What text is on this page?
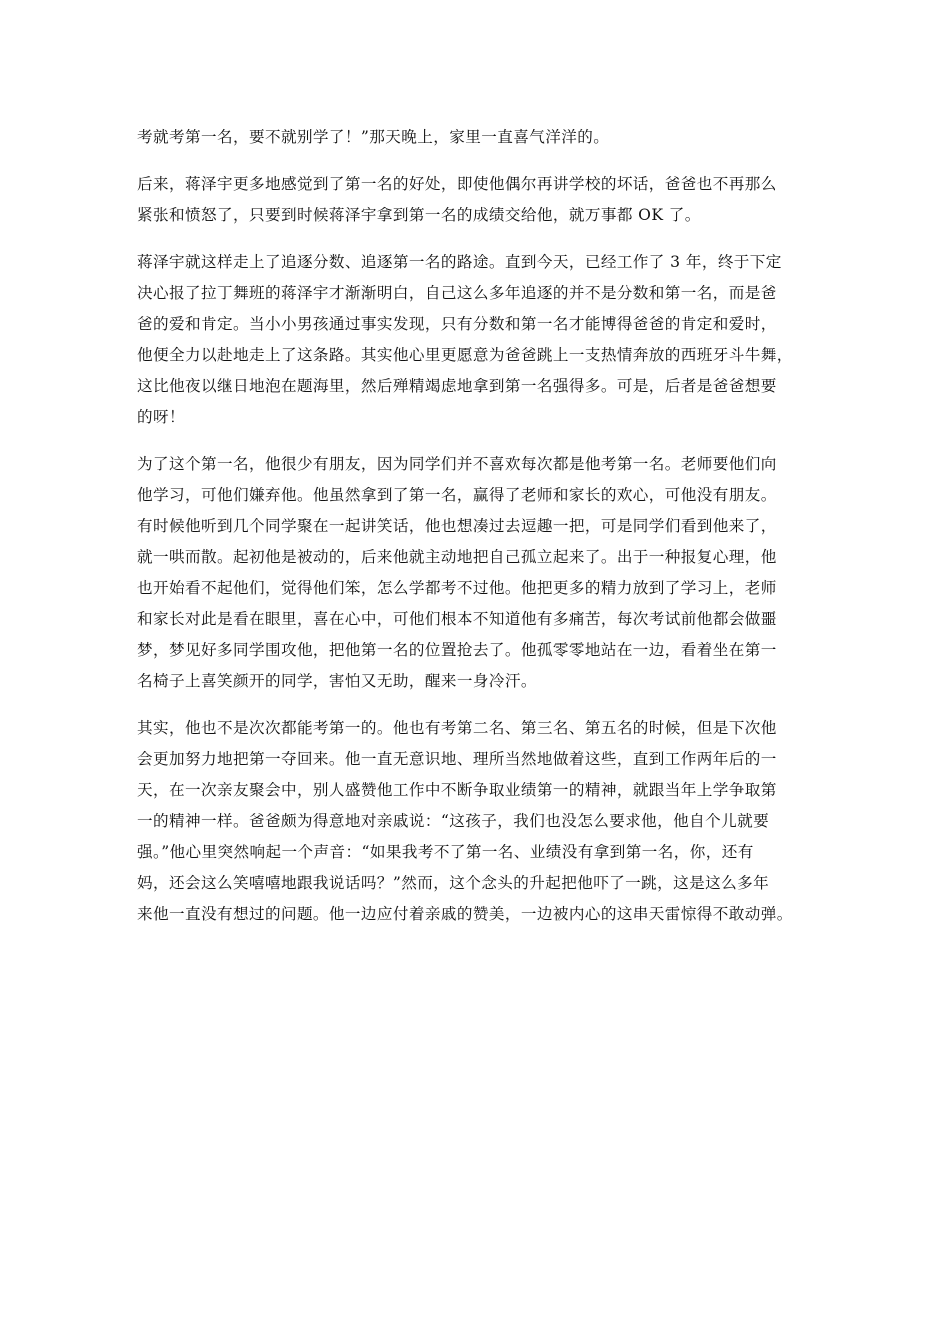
考就考第一名，要不就别学了！”那天晚上，家里一直喜气洋洋的。

后来，蒋泽宇更多地感觉到了第一名的好处，即使他偶尔再讲学校的坏话，爸爸也不再那么
紧张和愤怒了，只要到时候蒋泽宇拿到第一名的成绩交给他，就万事都 OK 了。

蒋泽宇就这样走上了追逐分数、追逐第一名的路途。直到今天，已经工作了 3 年，终于下定
决心报了拉丁舞班的蒋泽宇才渐渐明白，自己这么多年追逐的并不是分数和第一名，而是爸
爸的爱和肯定。当小小男孩通过事实发现，只有分数和第一名才能博得爸爸的肯定和爱时，
他便全力以赴地走上了这条路。其实他心里更愿意为爸爸跳上一支热情奔放的西班牙斗牛舞，
这比他夜以继日地泡在题海里，然后殚精竭虑地拿到第一名强得多。可是，后者是爸爸想要
的呀！

为了这个第一名，他很少有朋友，因为同学们并不喜欢每次都是他考第一名。老师要他们向
他学习，可他们嫌弃他。他虽然拿到了第一名，赢得了老师和家长的欢心，可他没有朋友。
有时候他听到几个同学聚在一起讲笑话，他也想凑过去逗趣一把，可是同学们看到他来了，
就一哄而散。起初他是被动的，后来他就主动地把自己孤立起来了。出于一种报复心理，他
也开始看不起他们，觉得他们笨，怎么学都考不过他。他把更多的精力放到了学习上，老师
和家长对此是看在眼里，喜在心中，可他们根本不知道他有多痛苦，每次考试前他都会做噩
梦，梦见好多同学围攻他，把他第一名的位置抢去了。他孤零零地站在一边，看着坐在第一
名椅子上喜笑颜开的同学，害怕又无助，醒来一身冷汗。

其实，他也不是次次都能考第一的。他也有考第二名、第三名、第五名的时候，但是下次他
会更加努力地把第一夺回来。他一直无意识地、理所当然地做着这些，直到工作两年后的一
天，在一次亲友聚会中，别人盛赞他工作中不断争取业绩第一的精神，就跟当年上学争取第
一的精神一样。爸爸颇为得意地对亲戚说：“这孩子，我们也没怎么要求他，他自个儿就要
强。”他心里突然响起一个声音：“如果我考不了第一名、业绩没有拿到第一名，你，还有
妈，还会这么笑嘻嘻地跟我说话吗？”然而，这个念头的升起把他吓了一跳，这是这么多年
来他一直没有想过的问题。他一边应付着亲戚的赞美，一边被内心的这串天雷惊得不敢动弹。
